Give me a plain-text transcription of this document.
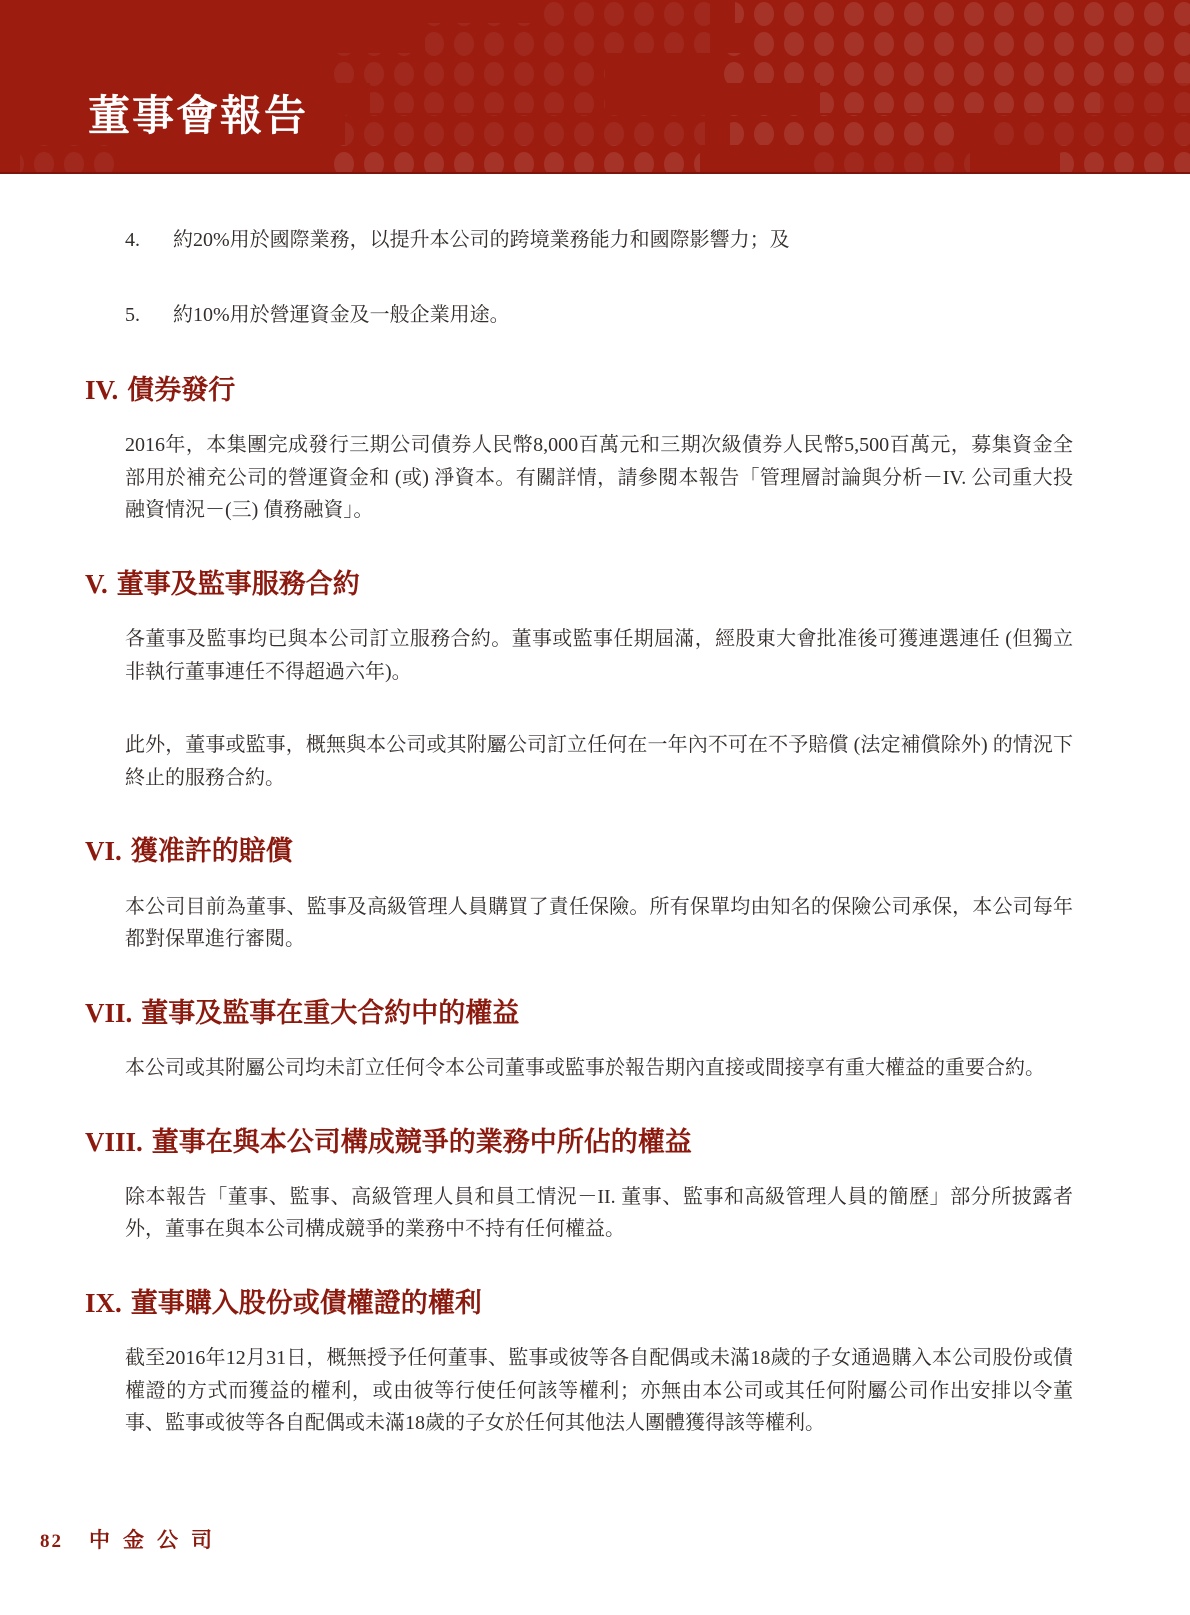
董事會報告
4.	約20%用於國際業務，以提升本公司的跨境業務能力和國際影響力；及
5.	約10%用於營運資金及一般企業用途。
IV. 債券發行

2016年，本集團完成發行三期公司債券人民幣8,000百萬元和三期次級債券人民幣5,500百萬元，募集資金全部用於補充公司的營運資金和 (或) 淨資本。有關詳情，請參閱本報告「管理層討論與分析－IV. 公司重大投融資情況－(三) 債務融資」。

V. 董事及監事服務合約

各董事及監事均已與本公司訂立服務合約。董事或監事任期屆滿，經股東大會批准後可獲連選連任 (但獨立非執行董事連任不得超過六年)。

此外，董事或監事，概無與本公司或其附屬公司訂立任何在一年內不可在不予賠償 (法定補償除外) 的情況下終止的服務合約。

VI. 獲准許的賠償

本公司目前為董事、監事及高級管理人員購買了責任保險。所有保單均由知名的保險公司承保，本公司每年都對保單進行審閱。

VII. 董事及監事在重大合約中的權益

本公司或其附屬公司均未訂立任何令本公司董事或監事於報告期內直接或間接享有重大權益的重要合約。

VIII. 董事在與本公司構成競爭的業務中所佔的權益

除本報告「董事、監事、高級管理人員和員工情況－II. 董事、監事和高級管理人員的簡歷」部分所披露者外，董事在與本公司構成競爭的業務中不持有任何權益。

IX. 董事購入股份或債權證的權利

截至2016年12月31日，概無授予任何董事、監事或彼等各自配偶或未滿18歲的子女通過購入本公司股份或債權證的方式而獲益的權利，或由彼等行使任何該等權利；亦無由本公司或其任何附屬公司作出安排以令董事、監事或彼等各自配偶或未滿18歲的子女於任何其他法人團體獲得該等權利。

82 中金公司
